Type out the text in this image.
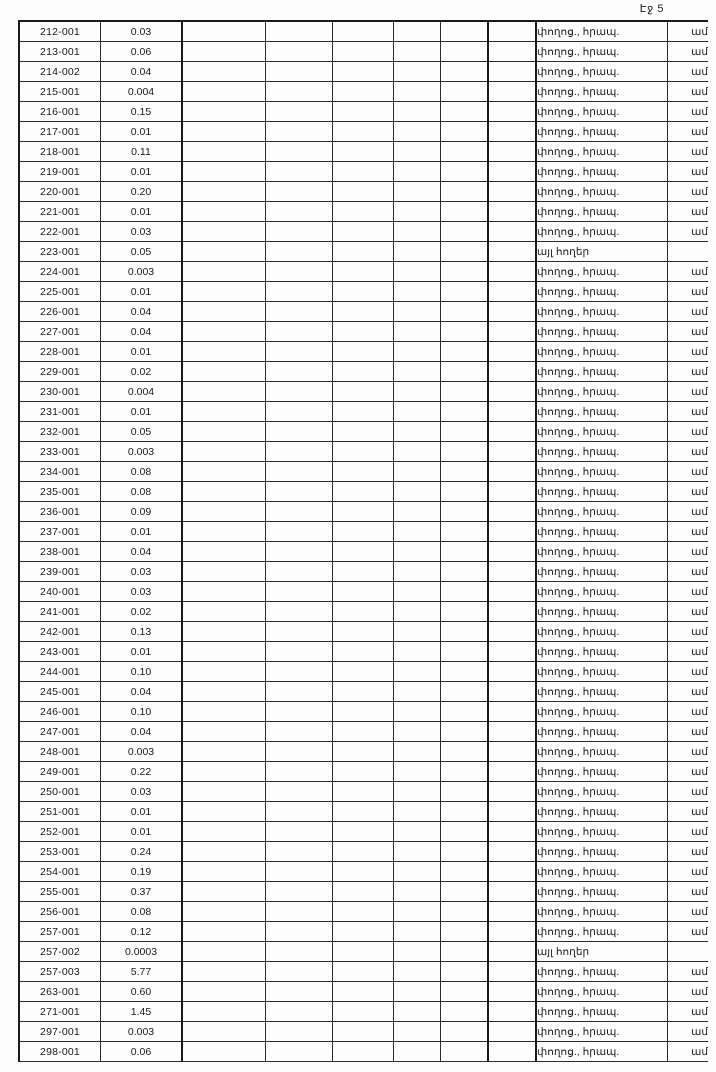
Էջ 5
212-001	0.03							փողոց., հրապ.	ամ
213-001	0.06							փողոց., հրապ.	ամ
214-002	0.04							փողոց., հրապ.	ամ
215-001	0.004							փողոց., հրապ.	ամ
216-001	0.15							փողոց., հրապ.	ամ
217-001	0.01							փողոց., հրապ.	ամ
218-001	0.11							փողոց., հրապ.	ամ
219-001	0.01							փողոց., հրապ.	ամ
220-001	0.20							փողոց., հրապ.	ամ
221-001	0.01							փողոց., հրապ.	ամ
222-001	0.03							փողոց., հրապ.	ամ
223-001	0.05							այլ հողեր	
224-001	0.003							փողոց., հրապ.	ամ
225-001	0.01							փողոց., հրապ.	ամ
226-001	0.04							փողոց., հրապ.	ամ
227-001	0.04							փողոց., հրապ.	ամ
228-001	0.01							փողոց., հրապ.	ամ
229-001	0.02							փողոց., հրապ.	ամ
230-001	0.004							փողոց., հրապ.	ամ
231-001	0.01							փողոց., հրապ.	ամ
232-001	0.05							փողոց., հրապ.	ամ
233-001	0.003							փողոց., հրապ.	ամ
234-001	0.08							փողոց., հրապ.	ամ
235-001	0.08							փողոց., հրապ.	ամ
236-001	0.09							փողոց., հրապ.	ամ
237-001	0.01							փողոց., հրապ.	ամ
238-001	0.04							փողոց., հրապ.	ամ
239-001	0.03							փողոց., հրապ.	ամ
240-001	0.03							փողոց., հրապ.	ամ
241-001	0.02							փողոց., հրապ.	ամ
242-001	0.13							փողոց., հրապ.	ամ
243-001	0.01							փողոց., հրապ.	ամ
244-001	0.10							փողոց., հրապ.	ամ
245-001	0.04							փողոց., հրապ.	ամ
246-001	0.10							փողոց., հրապ.	ամ
247-001	0.04							փողոց., հրապ.	ամ
248-001	0.003							փողոց., հրապ.	ամ
249-001	0.22							փողոց., հրապ.	ամ
250-001	0.03							փողոց., հրապ.	ամ
251-001	0.01							փողոց., հրապ.	ամ
252-001	0.01							փողոց., հրապ.	ամ
253-001	0.24							փողոց., հրապ.	ամ
254-001	0.19							փողոց., հրապ.	ամ
255-001	0.37							փողոց., հրապ.	ամ
256-001	0.08							փողոց., հրապ.	ամ
257-001	0.12							փողոց., հրապ.	ամ
257-002	0.0003							այլ հողեր	
257-003	5.77							փողոց., հրապ.	ամ
263-001	0.60							փողոց., հրապ.	ամ
271-001	1.45							փողոց., հրապ.	ամ
297-001	0.003							փողոց., հրապ.	ամ
298-001	0.06							փողոց., հրապ.	ամ
